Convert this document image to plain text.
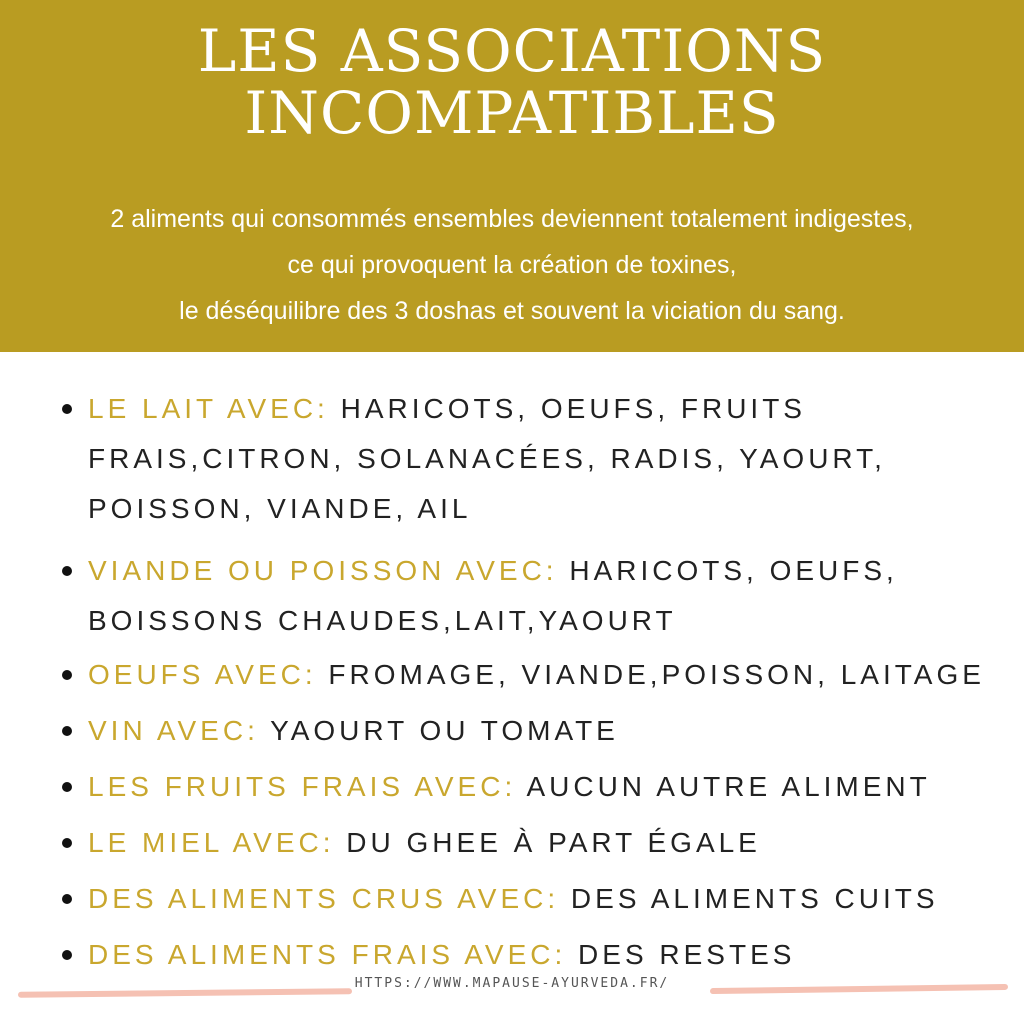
LES ASSOCIATIONS
INCOMPATIBLES

2 aliments qui consommés ensembles deviennent totalement indigestes,
ce qui provoquent la création de toxines,
le déséquilibre des 3 doshas et souvent la viciation du sang.

LE LAIT AVEC: HARICOTS, OEUFS, FRUITS FRAIS,CITRON, SOLANACÉES, RADIS, YAOURT, POISSON, VIANDE, AIL
VIANDE OU POISSON AVEC: HARICOTS, OEUFS, BOISSONS CHAUDES,LAIT,YAOURT
OEUFS AVEC: FROMAGE, VIANDE,POISSON, LAITAGE
VIN AVEC: YAOURT OU TOMATE
LES FRUITS FRAIS AVEC: AUCUN AUTRE ALIMENT
LE MIEL AVEC: DU GHEE À PART ÉGALE
DES ALIMENTS CRUS AVEC: DES ALIMENTS CUITS
DES ALIMENTS FRAIS AVEC: DES RESTES
HTTPS://WWW.MAPAUSE-AYURVEDA.FR/
